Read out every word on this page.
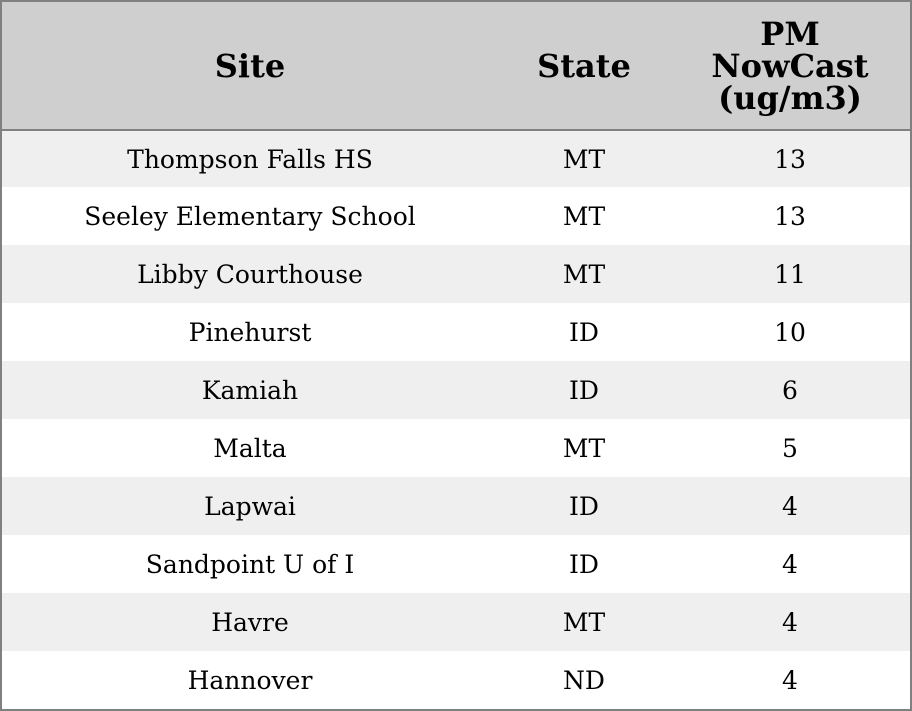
Site	State	PM NowCast (ug/m3)
Thompson Falls HS	MT	13
Seeley Elementary School	MT	13
Libby Courthouse	MT	11
Pinehurst	ID	10
Kamiah	ID	6
Malta	MT	5
Lapwai	ID	4
Sandpoint U of I	ID	4
Havre	MT	4
Hannover	ND	4
